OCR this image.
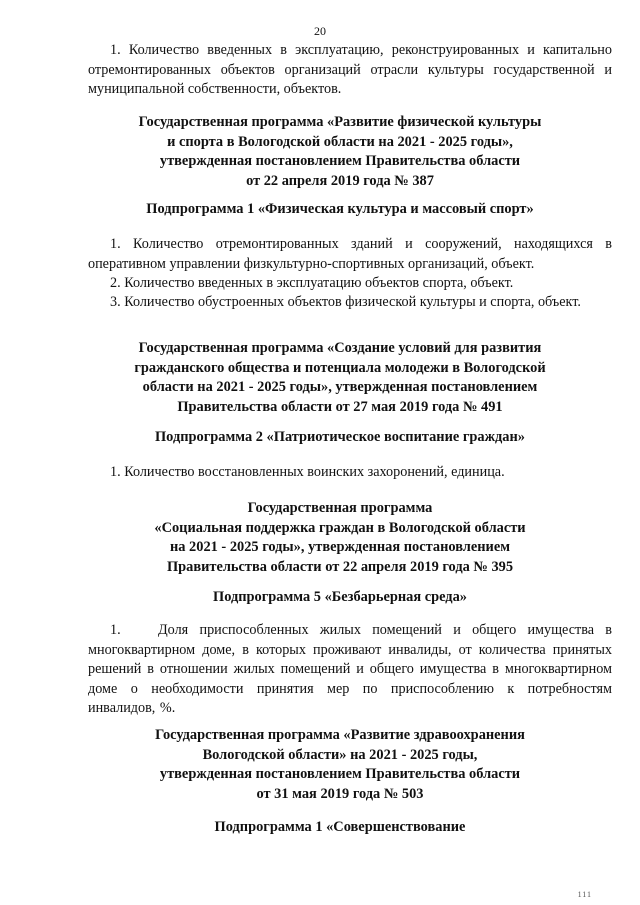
20

1. Количество введенных в эксплуатацию, реконструированных и капитально отремонтированных объектов организаций отрасли культуры государственной и муниципальной собственности, объектов.

Государственная программа «Развитие физической культуры
и спорта в Вологодской области на 2021 - 2025 годы»,
утвержденная постановлением Правительства области
от 22 апреля 2019 года № 387

Подпрограмма 1 «Физическая культура и массовый спорт»

1. Количество отремонтированных зданий и сооружений, находящихся в оперативном управлении физкультурно-спортивных организаций, объект.

2. Количество введенных в эксплуатацию объектов спорта, объект.

3. Количество обустроенных объектов физической культуры и спорта, объект.

Государственная программа «Создание условий для развития
гражданского общества и потенциала молодежи в Вологодской
области на 2021 - 2025 годы», утвержденная постановлением
Правительства области от 27 мая 2019 года № 491

Подпрограмма 2 «Патриотическое воспитание граждан»

1. Количество восстановленных воинских захоронений, единица.

Государственная программа
«Социальная поддержка граждан в Вологодской области
на 2021 - 2025 годы», утвержденная постановлением
Правительства области от 22 апреля 2019 года № 395

Подпрограмма 5 «Безбарьерная среда»

1.	Доля приспособленных жилых помещений и общего имущества в многоквартирном доме, в которых проживают инвалиды, от количества принятых решений в отношении жилых помещений и общего имущества в многоквартирном доме о необходимости принятия мер по приспособлению к потребностям инвалидов, %.
Государственная программа «Развитие здравоохранения
Вологодской области» на 2021 - 2025 годы,
утвержденная постановлением Правительства области
от 31 мая 2019 года № 503

Подпрограмма 1 «Совершенствование

111
